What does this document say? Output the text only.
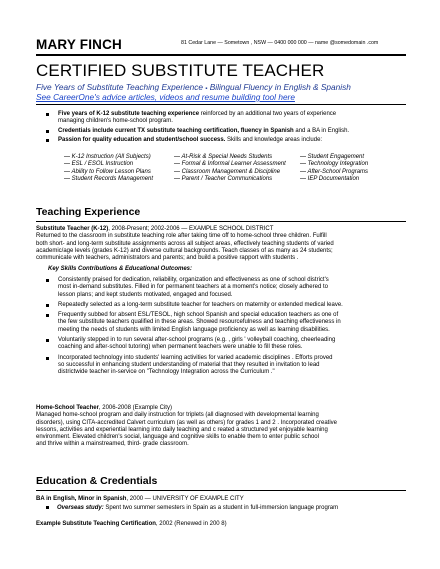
MARY FINCH	81 Cedar Lane — Sometown , NSW — 0400 000 000 — name @somedomain .com
CERTIFIED SUBSTITUTE TEACHER
Five Years of Substitute Teaching Experience ▪ Bilingual Fluency in English & Spanish
See CareerOne's advice articles, videos and resume building tool here
Five years of K-12 substitute teaching experience reinforced by an additional two years of experience
managing children's home-school program.
Credentials include current TX substitute teaching certification, fluency in Spanish and a BA in English.
Passion for quality education and student/school success. Skills and knowledge areas include:
— K-12 Instruction (All Subjects)
— ESL / ESOL Instruction
— Ability to Follow Lesson Plans
— Student Records Management
— At-Risk & Special Needs Students
— Formal & Informal Learner Assessment
— Classroom Management & Discipline
— Parent / Teacher Communications
— Student Engagement
— Technology Integration
— After-School Programs
— IEP Documentation
Teaching Experience
Substitute Teacher (K-12), 2008-Present; 2002-2006 — EXAMPLE SCHOOL DISTRICT
Returned to the classroom in substitute teaching role after taking time off to home-school three children. Fulfill
both short- and long-term substitute assignments across all subject areas, effectively teaching students of varied
academic/age levels (grades K-12) and diverse cultural backgrounds. Teach classes of as many as 24 students;
communicate with teachers, administrators and parents; and build a positive rapport with students .
Key Skills Contributions & Educational Outcomes:
Consistently praised for dedication, reliability, organization and effectiveness as one of school district's
most in-demand substitutes. Filled in for permanent teachers at a moment's notice; closely adhered to
lesson plans; and kept students motivated, engaged and focused.
Repeatedly selected as a long-term substitute teacher for teachers on maternity or extended medical leave.
Frequently subbed for absent ESL/TESOL, high school Spanish and special education teachers as one of
the few substitute teachers qualified in these areas. Showed resourcefulness and teaching effectiveness in
meeting the needs of students with limited English language proficiency as well as learning disabilities.
Voluntarily stepped in to run several after-school programs (e.g. , girls ' volleyball coaching, cheerleading
coaching and after-school tutoring) when permanent teachers were unable to fill these roles.
Incorporated technology into students' learning activities for varied academic disciplines . Efforts proved
so successful in enhancing student understanding of material that they resulted in invitation to lead
districtwide teacher in-service on "Technology Integration across the Curriculum ."
Home-School Teacher, 2006-2008 (Example City)
Managed home-school program and daily instruction for triplets (all diagnosed with developmental learning
disorders), using CITA-accredited Calvert curriculum (as well as others) for grades 1 and 2 . Incorporated creative
lessons, activities and experiential learning into daily teaching and c reated a structured yet enjoyable learning
environment. Elevated children's social, language and cognitive skills to enable them to enter public school
and thrive within a mainstreamed, third- grade classroom.
Education & Credentials
BA in English, Minor in Spanish, 2000 — UNIVERSITY OF EXAMPLE CITY
Overseas study: Spent two summer semesters in Spain as a student in full-immersion language program
Example Substitute Teaching Certification, 2002 (Renewed in 200 8)
